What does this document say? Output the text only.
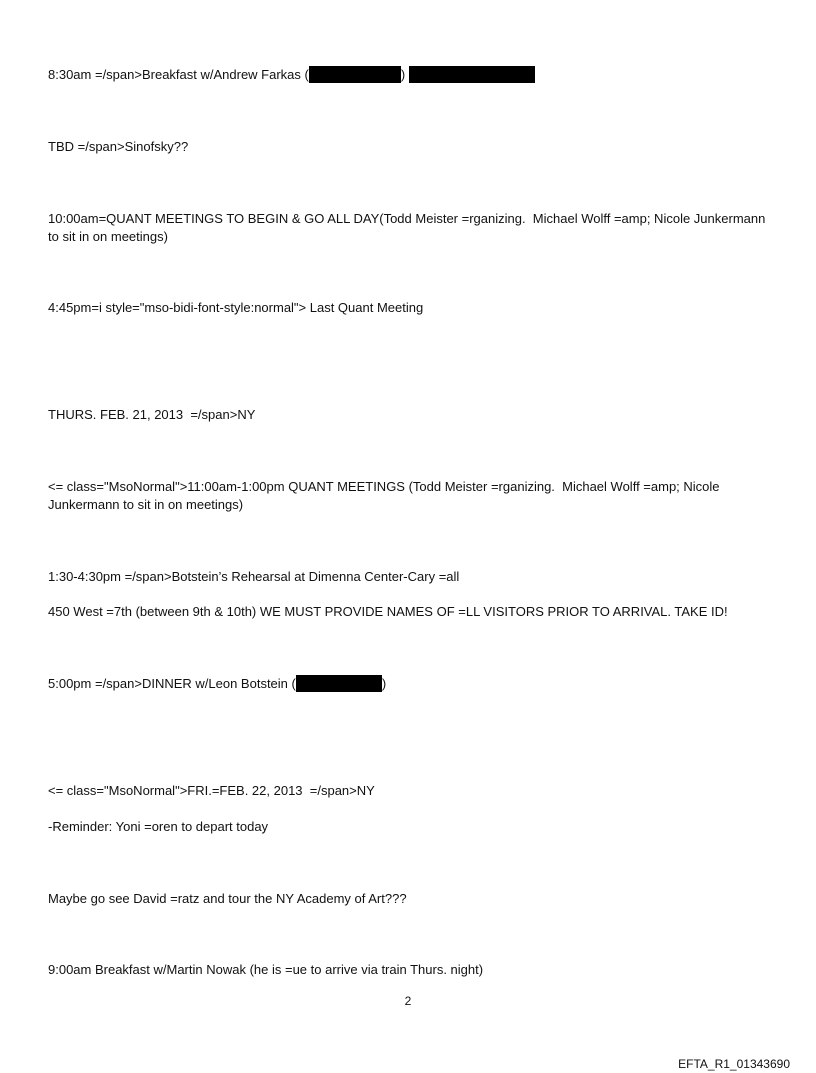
8:30am =/span>Breakfast w/Andrew Farkas (	)
TBD =/span>Sinofsky??
10:00am=QUANT MEETINGS TO BEGIN & GO ALL DAY(Todd Meister =rganizing.  Michael Wolff =amp; Nicole Junkermann to sit in on meetings)
4:45pm=i style="mso-bidi-font-style:normal"> Last Quant Meeting
THURS. FEB. 21, 2013  =/span>NY
<= class="MsoNormal">11:00am-1:00pm QUANT MEETINGS (Todd Meister =rganizing.  Michael Wolff =amp; Nicole Junkermann to sit in on meetings)
1:30-4:30pm =/span>Botstein’s Rehearsal at Dimenna Center-Cary =all
450 West =7th (between 9th & 10th) WE MUST PROVIDE NAMES OF =LL VISITORS PRIOR TO ARRIVAL. TAKE ID!
5:00pm =/span>DINNER w/Leon Botstein (	)
<= class="MsoNormal">FRI.=FEB. 22, 2013  =/span>NY
-Reminder: Yoni =oren to depart today
Maybe go see David =ratz and tour the NY Academy of Art???
9:00am Breakfast w/Martin Nowak (he is =ue to arrive via train Thurs. night)
2
EFTA_R1_01343690
